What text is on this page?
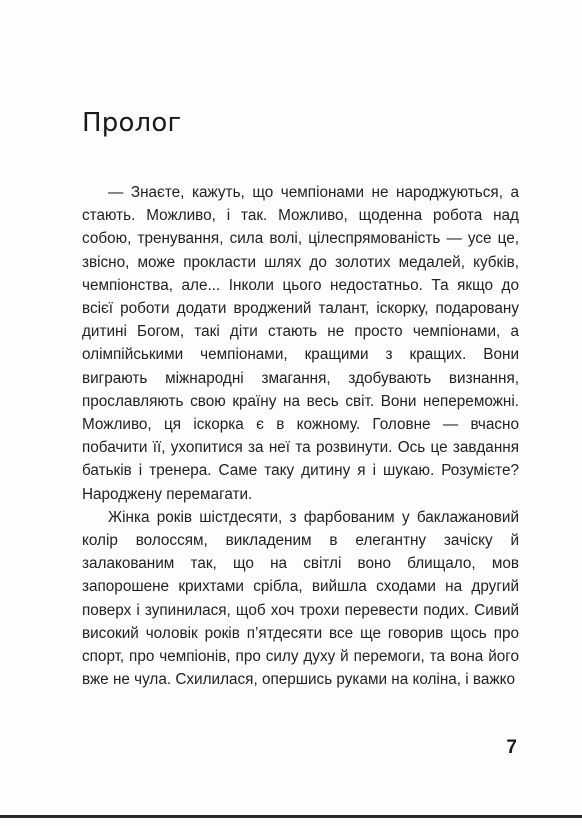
Пролог

— Знаєте, кажуть, що чемпіонами не народжуються, а стають. Можливо, і так. Можливо, щоденна робота над собою, тренування, сила волі, цілеспрямованість — усе це, звісно, може прокласти шлях до золотих медалей, кубків, чемпіонства, але... Інколи цього недостатньо. Та якщо до всієї роботи додати вроджений талант, іскорку, подаровану дитині Богом, такі діти стають не просто чемпіонами, а олімпійськими чемпіонами, кращими з кращих. Вони виграють міжнародні змагання, здобувають визнання, прославляють свою країну на весь світ. Вони непереможні. Можливо, ця іскорка є в кожному. Головне — вчасно побачити її, ухопитися за неї та розвинути. Ось це завдання батьків і тренера. Саме таку дитину я і шукаю. Розумієте? Народжену перемагати.

Жінка років шістдесяти, з фарбованим у баклажановий колір волоссям, викладеним в елегантну зачіску й залакованим так, що на світлі воно блищало, мов запорошене крихтами срібла, вийшла сходами на другий поверх і зупинилася, щоб хоч трохи перевести подих. Сивий високий чоловік років п’ятдесяти все ще говорив щось про спорт, про чемпіонів, про силу духу й перемоги, та вона його вже не чула. Схилилася, опершись руками на коліна, і важко

7
